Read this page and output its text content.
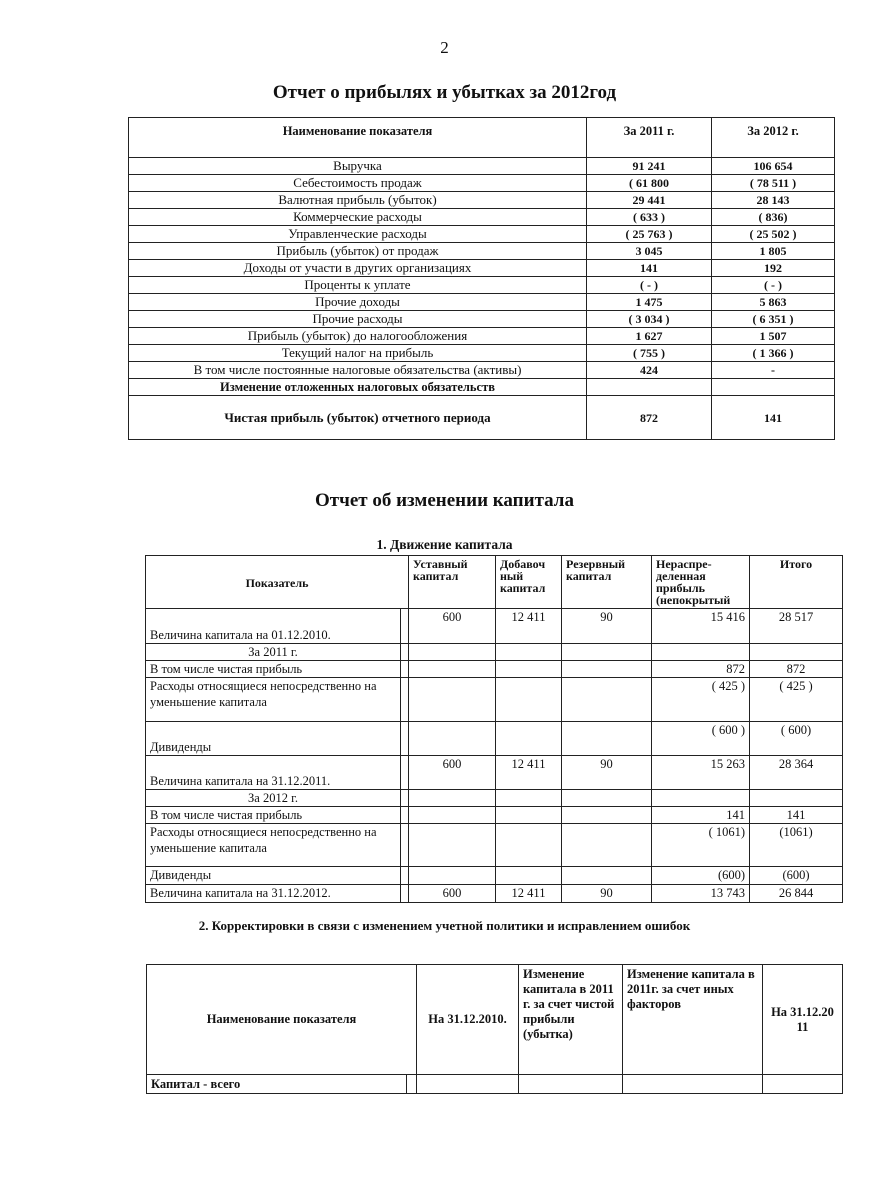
2
Отчет о прибылях и убытках за 2012год
Наименование показателя	За 2011 г.	За 2012 г.
Выручка	91 241	106 654
Себестоимость продаж	( 61 800	( 78 511 )
Валютная прибыль (убыток)	29 441	28 143
Коммерческие расходы	( 633 )	( 836)
Управленческие расходы	( 25 763 )	( 25 502 )
Прибыль (убыток) от продаж	3 045	1 805
Доходы от участи в других организациях	141	192
Проценты к уплате	( - )	( - )
Прочие доходы	1 475	5 863
Прочие расходы	( 3 034 )	( 6 351 )
Прибыль (убыток) до налогообложения	1 627	1 507
Текущий налог на прибыль	( 755 )	( 1 366 )
В том числе постоянные налоговые обязательства (активы)	424	-
Изменение отложенных налоговых обязательств		
Чистая прибыль (убыток) отчетного периода	872	141
Отчет об изменении капитала
1. Движение капитала
Показатель		Уставный капитал	Добавоч ный капитал	Резервный капитал	Нераспре- деленная прибыль (непокрытый	Итого
Величина капитала на 01.12.2010.		600	12 411	90	15 416	28 517
За 2011 г.						
В том числе чистая прибыль					872	872
Расходы относящиеся непосредственно на уменьшение капитала					( 425 )	( 425 )
Дивиденды					( 600 )	( 600)
Величина капитала на 31.12.2011.		600	12 411	90	15 263	28 364
За 2012 г.						
В том числе чистая прибыль					141	141
Расходы относящиеся непосредственно на уменьшение капитала					( 1061)	(1061)
Дивиденды					(600)	(600)
Величина капитала на 31.12.2012.		600	12 411	90	13 743	26 844
2. Корректировки в связи с изменением учетной политики и исправлением ошибок
Наименование показателя		На 31.12.2010.	Изменение капитала в 2011 г. за счет чистой прибыли (убытка)	Изменение капитала в 2011г. за счет иных факторов	На 31.12.20 11
Капитал - всего					
